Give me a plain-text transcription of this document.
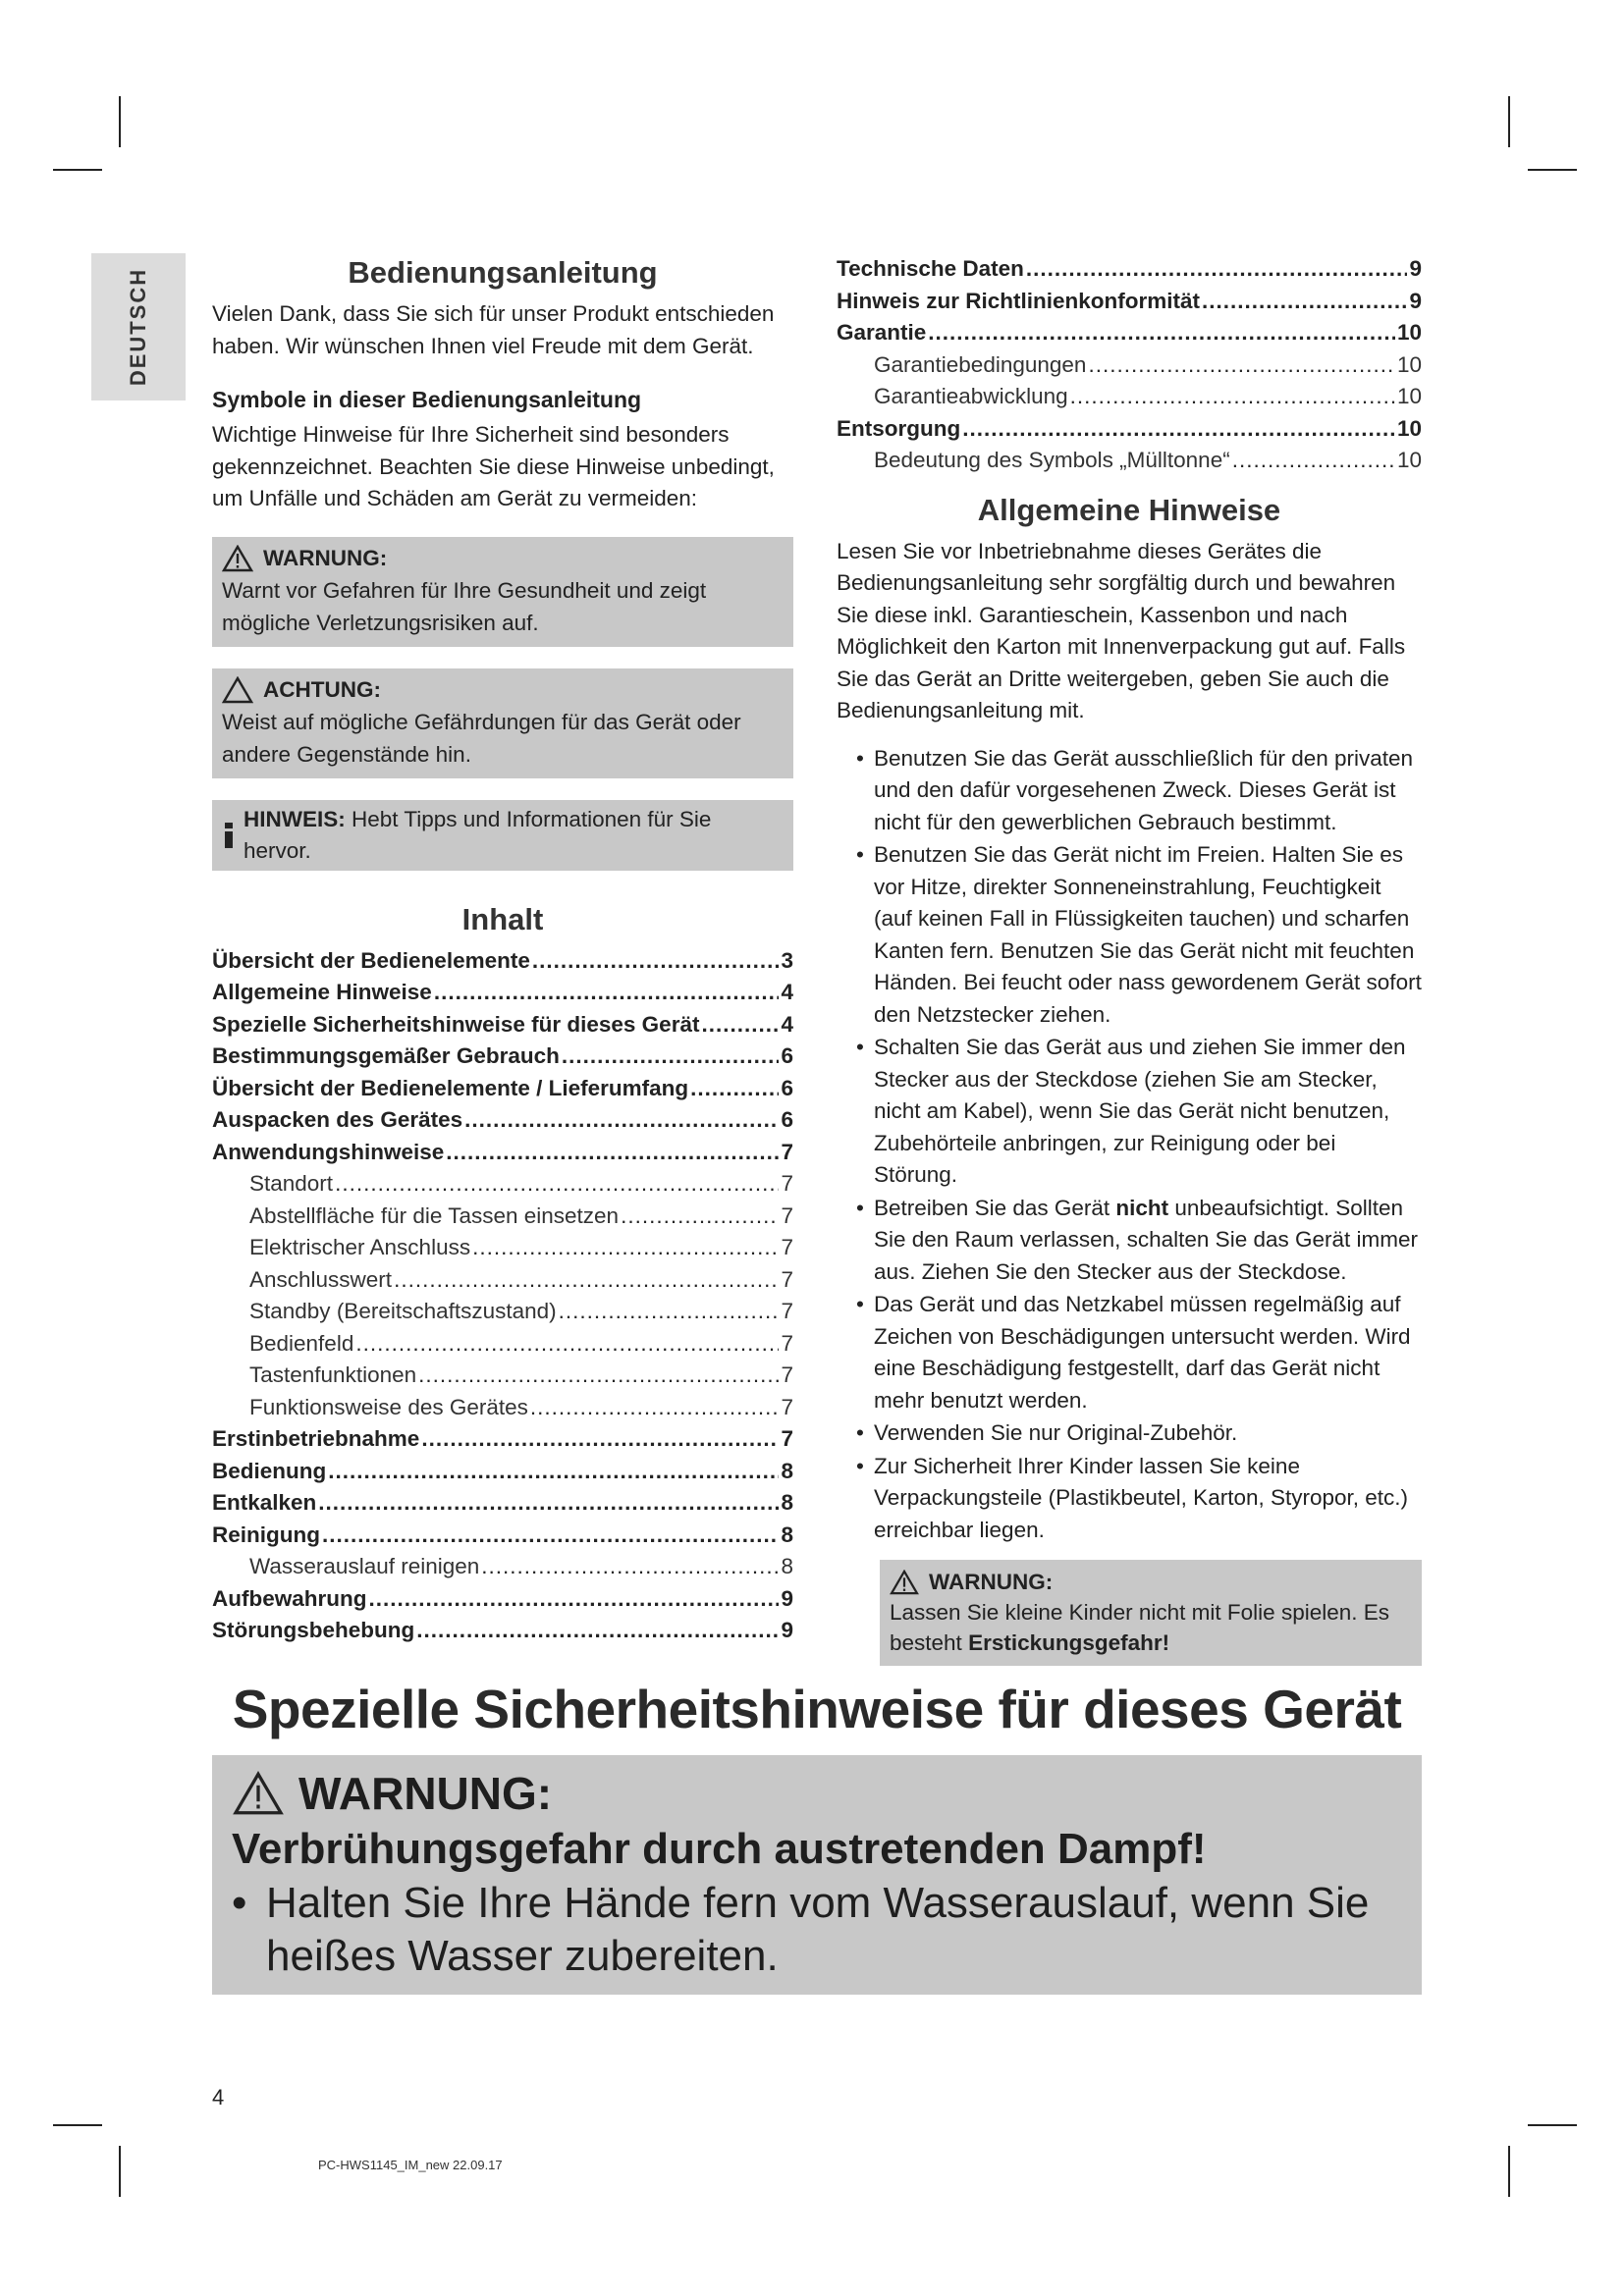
DEUTSCH	Bedienungsanleitung

Vielen Dank, dass Sie sich für unser Produkt entschieden haben. Wir wünschen Ihnen viel Freude mit dem Gerät.

Symbole in dieser Bedienungsanleitung

Wichtige Hinweise für Ihre Sicherheit sind besonders gekennzeichnet. Beachten Sie diese Hinweise unbedingt, um Unfälle und Schäden am Gerät zu vermeiden:

WARNUNG:

Warnt vor Gefahren für Ihre Gesundheit und zeigt mögliche Verletzungsrisiken auf.

ACHTUNG:

Weist auf mögliche Gefährdungen für das Gerät oder andere Gegenstände hin.

HINWEIS: Hebt Tipps und Informationen für Sie hervor.
Inhalt
Übersicht der Bedienelemente .....	3
Allgemeine Hinweise .....	4
Spezielle Sicherheitshinweise für dieses Gerät .....	4
Bestimmungsgemäßer Gebrauch .....	6
Übersicht der Bedienelemente / Lieferumfang .....	6
Auspacken des Gerätes .....	6
Anwendungshinweise .....	7
Standort .....	7
Abstellfläche für die Tassen einsetzen .....	7
Elektrischer Anschluss .....	7
Anschlusswert .....	7
Standby (Bereitschaftszustand) .....	7
Bedienfeld .....	7
Tastenfunktionen .....	7
Funktionsweise des Gerätes .....	7
Erstinbetriebnahme .....	7
Bedienung .....	8
Entkalken .....	8
Reinigung .....	8
Wasserauslauf reinigen .....	8
Aufbewahrung .....	9
Störungsbehebung .....	9
Technische Daten .....	9
Hinweis zur Richtlinienkonformität .....	9
Garantie .....	10
Garantiebedingungen .....	10
Garantieabwicklung .....	10
Entsorgung .....	10
Bedeutung des Symbols „Mülltonne“ .....	10
Allgemeine Hinweise

Lesen Sie vor Inbetriebnahme dieses Gerätes die Bedienungsanleitung sehr sorgfältig durch und bewahren Sie diese inkl. Garantieschein, Kassenbon und nach Möglichkeit den Karton mit Innenverpackung gut auf. Falls Sie das Gerät an Dritte weitergeben, geben Sie auch die Bedienungsanleitung mit.

• Benutzen Sie das Gerät ausschließlich für den privaten und den dafür vorgesehenen Zweck. Dieses Gerät ist nicht für den gewerblichen Gebrauch bestimmt.
• Benutzen Sie das Gerät nicht im Freien. Halten Sie es vor Hitze, direkter Sonneneinstrahlung, Feuchtigkeit (auf keinen Fall in Flüssigkeiten tauchen) und scharfen Kanten fern. Benutzen Sie das Gerät nicht mit feuchten Händen. Bei feucht oder nass gewordenem Gerät sofort den Netzstecker ziehen.
• Schalten Sie das Gerät aus und ziehen Sie immer den Stecker aus der Steckdose (ziehen Sie am Stecker, nicht am Kabel), wenn Sie das Gerät nicht benutzen, Zubehörteile anbringen, zur Reinigung oder bei Störung.
• Betreiben Sie das Gerät nicht unbeaufsichtigt. Sollten Sie den Raum verlassen, schalten Sie das Gerät immer aus. Ziehen Sie den Stecker aus der Steckdose.
• Das Gerät und das Netzkabel müssen regelmäßig auf Zeichen von Beschädigungen untersucht werden. Wird eine Beschädigung festgestellt, darf das Gerät nicht mehr benutzt werden.
• Verwenden Sie nur Original-Zubehör.
• Zur Sicherheit Ihrer Kinder lassen Sie keine Verpackungsteile (Plastikbeutel, Karton, Styropor, etc.) erreichbar liegen.
WARNUNG:

Lassen Sie kleine Kinder nicht mit Folie spielen. Es besteht Erstickungsgefahr!

Spezielle Sicherheitshinweise für dieses Gerät
WARNUNG:
Verbrühungsgefahr durch austretenden Dampf!
• Halten Sie Ihre Hände fern vom Wasserauslauf, wenn Sie heißes Wasser zubereiten.
4
PC-HWS1145_IM_new 22.09.17
